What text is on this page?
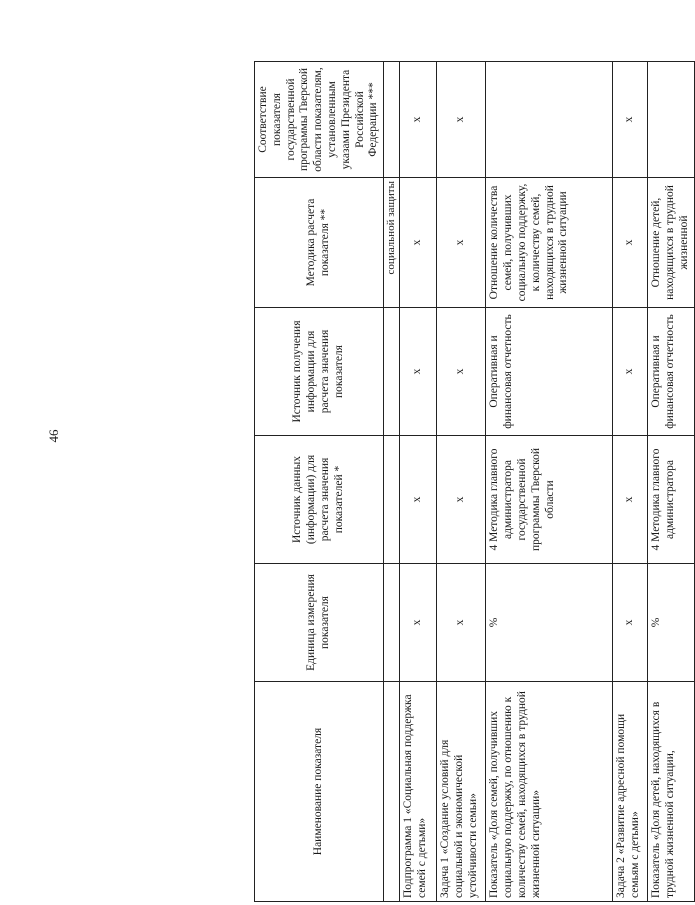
46
Наименование показателя	Единица измерения показателя	Источник данных (информации) для расчета значения показателей *	Источник получения информации для расчета значения показателя	Методика расчета показателя **	Соответствие показателя государственной программы Тверской области показателям, установленным указами Президента Российской Федерации ***
				социальной защиты	
Подпрограмма 1 «Социальная поддержка семей с детьми»	х	х	х	х	х
Задача 1 «Создание условий для социальной и экономической устойчивости семьи»	х	х	х	х	х
Показатель «Доля семей, получивших социальную поддержку, по отношению к количеству семей, находящихся в трудной жизненной ситуации»	%	4 Методика главного администратора государственной программы Тверской области	Оперативная и финансовая отчетность	Отношение количества семей, получивших социальную поддержку, к количеству семей, находящихся в трудной жизненной ситуации	
Задача 2 «Развитие адресной помощи семьям с детьми»	х	х	х	х	х
Показатель «Доля детей, находящихся в трудной жизненной ситуации,	%	4 Методика главного администратора	Оперативная и финансовая отчетность	Отношение детей, находящихся в трудной жизненной	
